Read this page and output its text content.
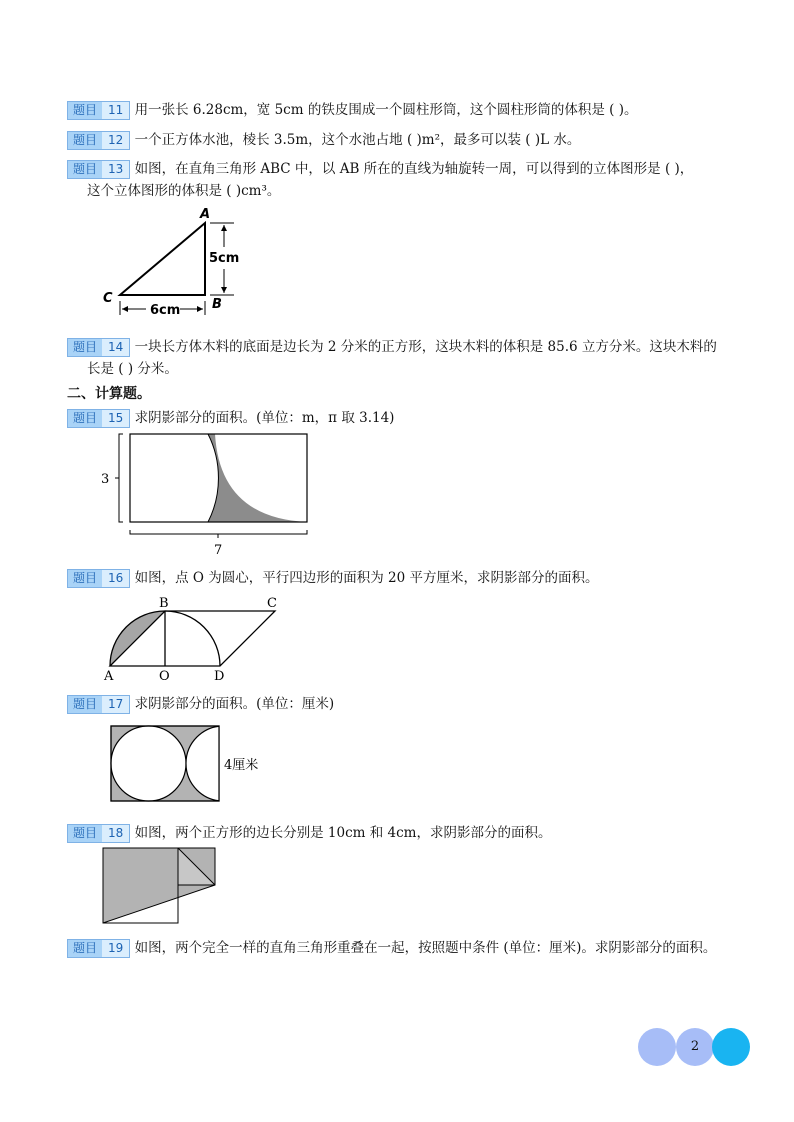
题目 11 用一张长 6.28cm，宽 5cm 的铁皮围成一个圆柱形筒，这个圆柱形筒的体积是 ( )。
题目 12 一个正方体水池，棱长 3.5m，这个水池占地 ( )m²，最多可以装 ( )L 水。
题目 13 如图，在直角三角形 ABC 中，以 AB 所在的直线为轴旋转一周，可以得到的立体图形是 ( )，
这个立体图形的体积是 ( )cm³。
A
B
C
5cm
6cm
题目 14 一块长方体木料的底面是边长为 2 分米的正方形，这块木料的体积是 85.6 立方分米。这块木料的
长是 ( ) 分米。
二、计算题。
题目 15 求阴影部分的面积。(单位：m，π 取 3.14)
3
7
题目 16 如图，点 O 为圆心，平行四边形的面积为 20 平方厘米，求阴影部分的面积。
B	C
A	O	D
题目 17 求阴影部分的面积。(单位：厘米)
4厘米
题目 18 如图，两个正方形的边长分别是 10cm 和 4cm，求阴影部分的面积。
题目 19 如图，两个完全一样的直角三角形重叠在一起，按照题中条件 (单位：厘米)。求阴影部分的面积。
2
